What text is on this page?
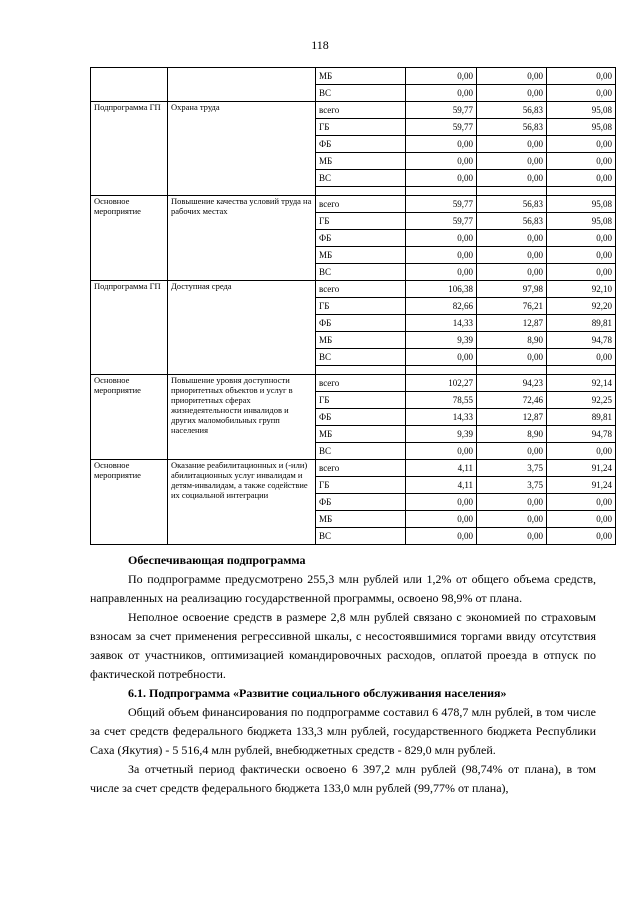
118
		МБ	0,00	0,00	0,00
		ВС	0,00	0,00	0,00
Подпрограмма ГП	Охрана труда	всего	59,77	56,83	95,08
		ГБ	59,77	56,83	95,08
		ФБ	0,00	0,00	0,00
		МБ	0,00	0,00	0,00
		ВС	0,00	0,00	0,00

Основное мероприятие	Повышение качества условий труда на рабочих местах	всего	59,77	56,83	95,08
		ГБ	59,77	56,83	95,08
		ФБ	0,00	0,00	0,00
		МБ	0,00	0,00	0,00
		ВС	0,00	0,00	0,00
Подпрограмма ГП	Доступная среда	всего	106,38	97,98	92,10
		ГБ	82,66	76,21	92,20
		ФБ	14,33	12,87	89,81
		МБ	9,39	8,90	94,78
		ВС	0,00	0,00	0,00

Основное мероприятие	Повышение уровня доступности приоритетных объектов и услуг в приоритетных сферах жизнедеятельности инвалидов и других маломобильных групп населения	всего	102,27	94,23	92,14
		ГБ	78,55	72,46	92,25
		ФБ	14,33	12,87	89,81
		МБ	9,39	8,90	94,78
		ВС	0,00	0,00	0,00
Основное мероприятие	Оказание реабилитационных и (-или) абилитационных услуг инвалидам и детям-инвалидам, а также содействие их социальной интеграции	всего	4,11	3,75	91,24
		ГБ	4,11	3,75	91,24
		ФБ	0,00	0,00	0,00
		МБ	0,00	0,00	0,00
		ВС	0,00	0,00	0,00

Обеспечивающая подпрограмма

По подпрограмме предусмотрено 255,3 млн рублей или 1,2% от общего объема средств, направленных на реализацию государственной программы, освоено 98,9% от плана.

Неполное освоение средств в размере 2,8 млн рублей связано с экономией по страховым взносам за счет применения регрессивной шкалы, с несостоявшимися торгами ввиду отсутствия заявок от участников, оптимизацией командировочных расходов, оплатой проезда в отпуск по фактической потребности.

6.1. Подпрограмма «Развитие социального обслуживания населения»

Общий объем финансирования по подпрограмме составил 6 478,7 млн рублей, в том числе за счет средств федерального бюджета 133,3 млн рублей, государственного бюджета Республики Саха (Якутия) - 5 516,4 млн рублей, внебюджетных средств - 829,0 млн рублей.

За отчетный период фактически освоено 6 397,2 млн рублей (98,74% от плана), в том числе за счет средств федерального бюджета 133,0 млн рублей (99,77% от плана),
